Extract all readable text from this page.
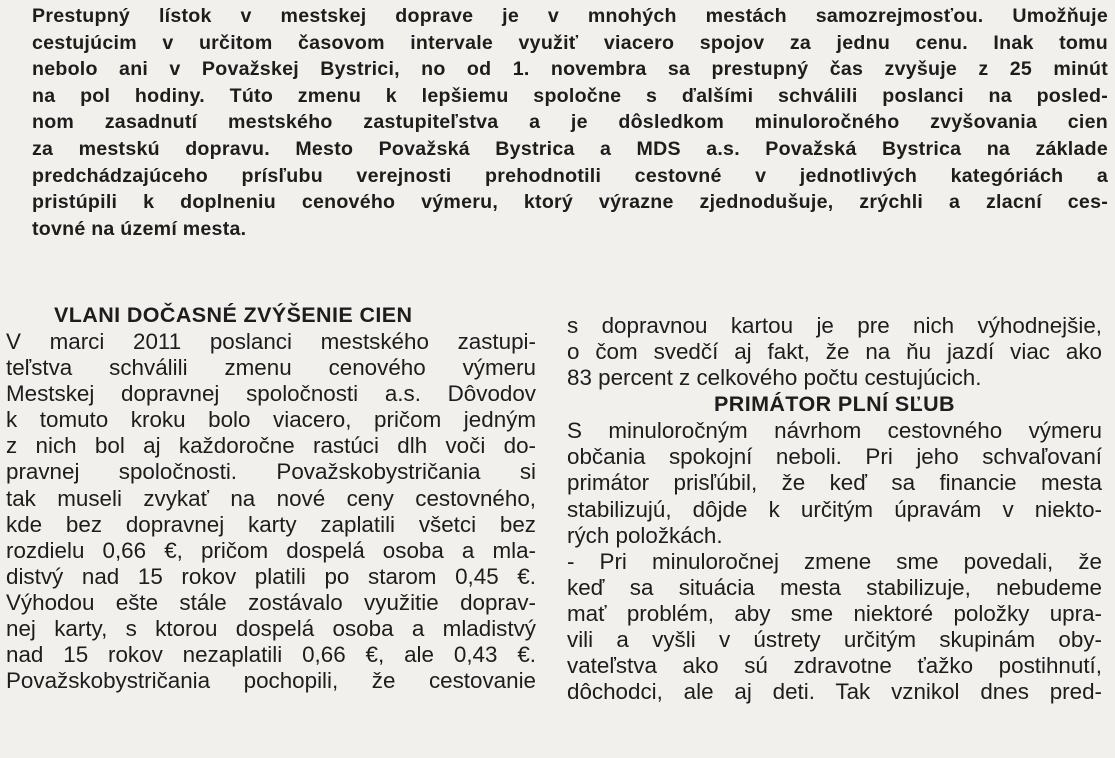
Prestupný lístok v mestskej doprave je v mnohých mestách samozrejmosťou. Umožňuje
cestujúcim v určitom časovom intervale využiť viacero spojov za jednu cenu. Inak tomu
nebolo ani v Považskej Bystrici, no od 1. novembra sa prestupný čas zvyšuje z 25 minút
na pol hodiny. Túto zmenu k lepšiemu spoločne s ďalšími schválili poslanci na posled-
nom zasadnutí mestského zastupiteľstva a je dôsledkom minuloročného zvyšovania cien
za mestskú dopravu. Mesto Považská Bystrica a MDS a.s. Považská Bystrica na základe
predchádzajúceho prísľubu verejnosti prehodnotili cestovné v jednotlivých kategóriách a
pristúpili k doplneniu cenového výmeru, ktorý výrazne zjednodušuje, zrýchli a zlacní ces-
tovné na území mesta.
VLANI DOČASNÉ ZVÝŠENIE CIEN
V marci 2011 poslanci mestského zastupi-
teľstva schválili zmenu cenového výmeru
Mestskej dopravnej spoločnosti a.s. Dôvodov
k tomuto kroku bolo viacero, pričom jedným
z nich bol aj každoročne rastúci dlh voči do-
pravnej spoločnosti. Považskobystričania si
tak museli zvykať na nové ceny cestovného,
kde bez dopravnej karty zaplatili všetci bez
rozdielu 0,66 €, pričom dospelá osoba a mla-
distvý nad 15 rokov platili po starom 0,45 €.
Výhodou ešte stále zostávalo využitie doprav-
nej karty, s ktorou dospelá osoba a mladistvý
nad 15 rokov nezaplatili 0,66 €, ale 0,43 €.
Považskobystričania pochopili, že cestovanie
s dopravnou kartou je pre nich výhodnejšie,
o čom svedčí aj fakt, že na ňu jazdí viac ako
83 percent z celkového počtu cestujúcich.
PRIMÁTOR PLNÍ SĽUB
S minuloročným návrhom cestovného výmeru
občania spokojní neboli. Pri jeho schvaľovaní
primátor prisľúbil, že keď sa financie mesta
stabilizujú, dôjde k určitým úpravám v niekto-
rých položkách.
- Pri minuloročnej zmene sme povedali, že
keď sa situácia mesta stabilizuje, nebudeme
mať problém, aby sme niektoré položky upra-
vili a vyšli v ústrety určitým skupinám oby-
vateľstva ako sú zdravotne ťažko postihnutí,
dôchodci, ale aj deti. Tak vznikol dnes pred-
